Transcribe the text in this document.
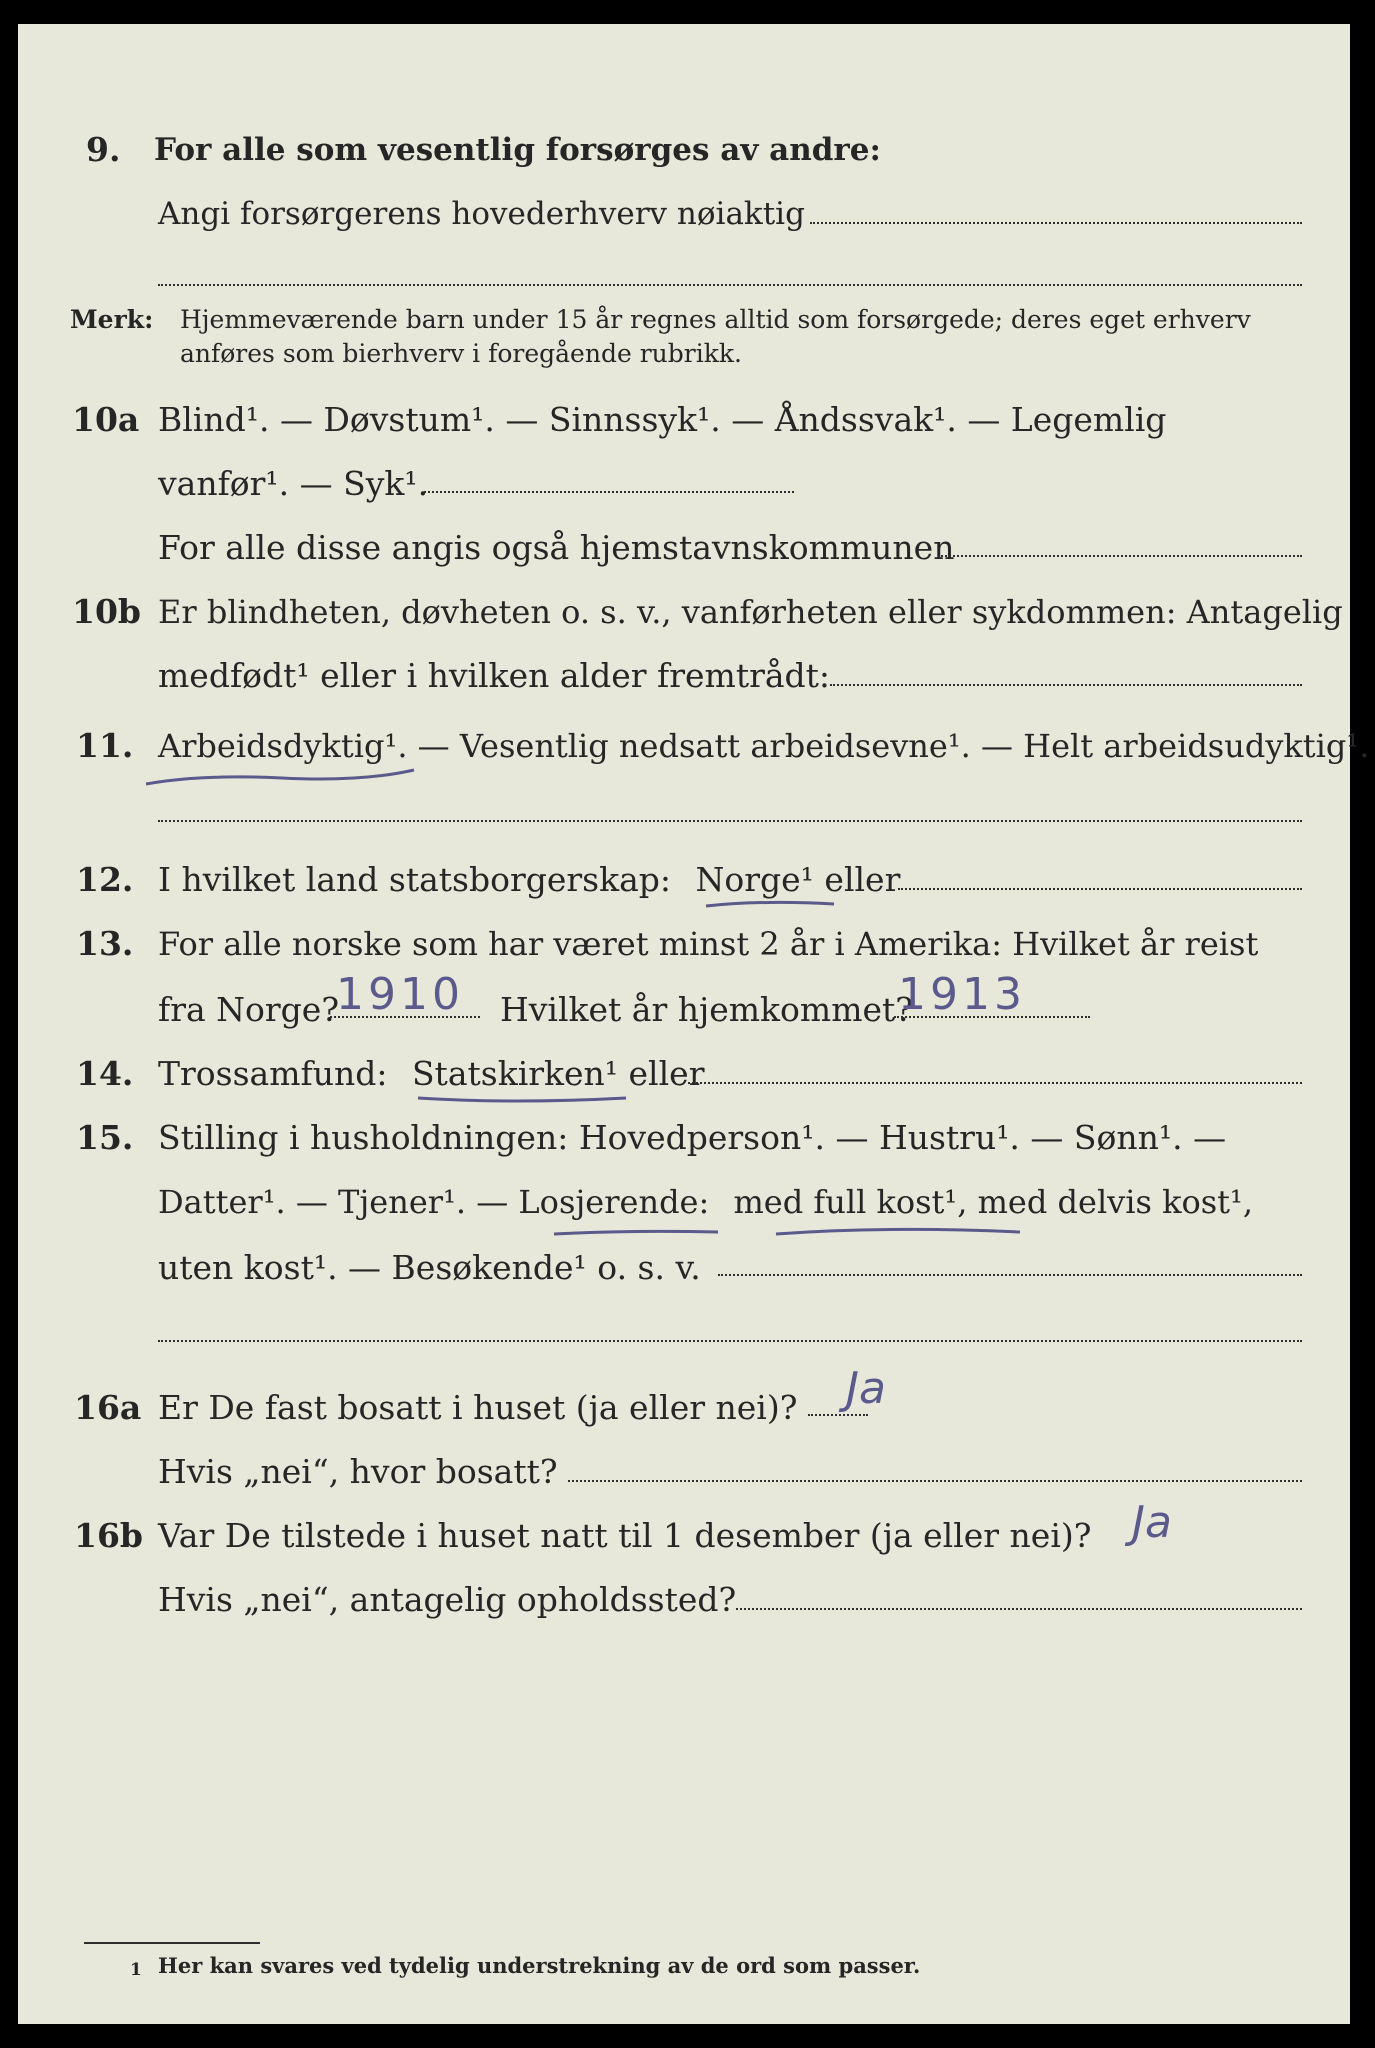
9. For alle som vesentlig forsørges av andre:
Angi forsørgerens hovederhverv nøiaktig
Merk: Hjemmeværende barn under 15 år regnes alltid som forsørgede; deres eget erhverv
anføres som bierhverv i foregående rubrikk.
10a Blind¹. — Døvstum¹. — Sinnssyk¹. — Åndssvak¹. — Legemlig
vanfør¹. — Syk¹.
For alle disse angis også hjemstavnskommunen
10b Er blindheten, døvheten o. s. v., vanførheten eller sykdommen: Antagelig
medfødt¹ eller i hvilken alder fremtrådt:
11. Arbeidsdyktig¹. — Vesentlig nedsatt arbeidsevne¹. — Helt arbeidsudyktig¹.
12. I hvilket land statsborgerskap: Norge¹ eller
13. For alle norske som har været minst 2 år i Amerika: Hvilket år reist
fra Norge?
1910 Hvilket år hjemkommet?
1913
14. Trossamfund: Statskirken¹ eller
15. Stilling i husholdningen: Hovedperson¹. — Hustru¹. — Sønn¹. —
Datter¹. — Tjener¹. — Losjerende: med full kost¹, med delvis kost¹,
uten kost¹. — Besøkende¹ o. s. v.
16a Er De fast bosatt i huset (ja eller nei)? Ja
Hvis „nei“, hvor bosatt?
16b Var De tilstede i huset natt til 1 desember (ja eller nei)? Ja
Hvis „nei“, antagelig opholdssted?
1 Her kan svares ved tydelig understrekning av de ord som passer.
